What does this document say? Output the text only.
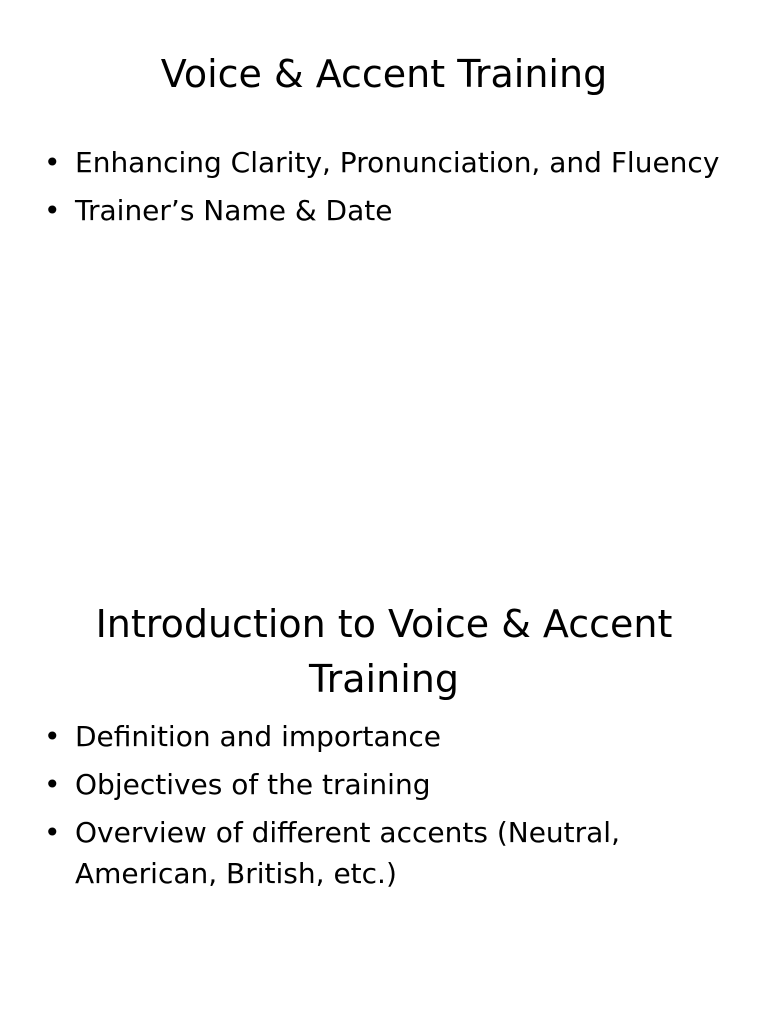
Voice & Accent Training
• Enhancing Clarity, Pronunciation, and Fluency
• Trainer’s Name & Date
Introduction to Voice & Accent Training
• Definition and importance
• Objectives of the training
• Overview of different accents (Neutral, American, British, etc.)
